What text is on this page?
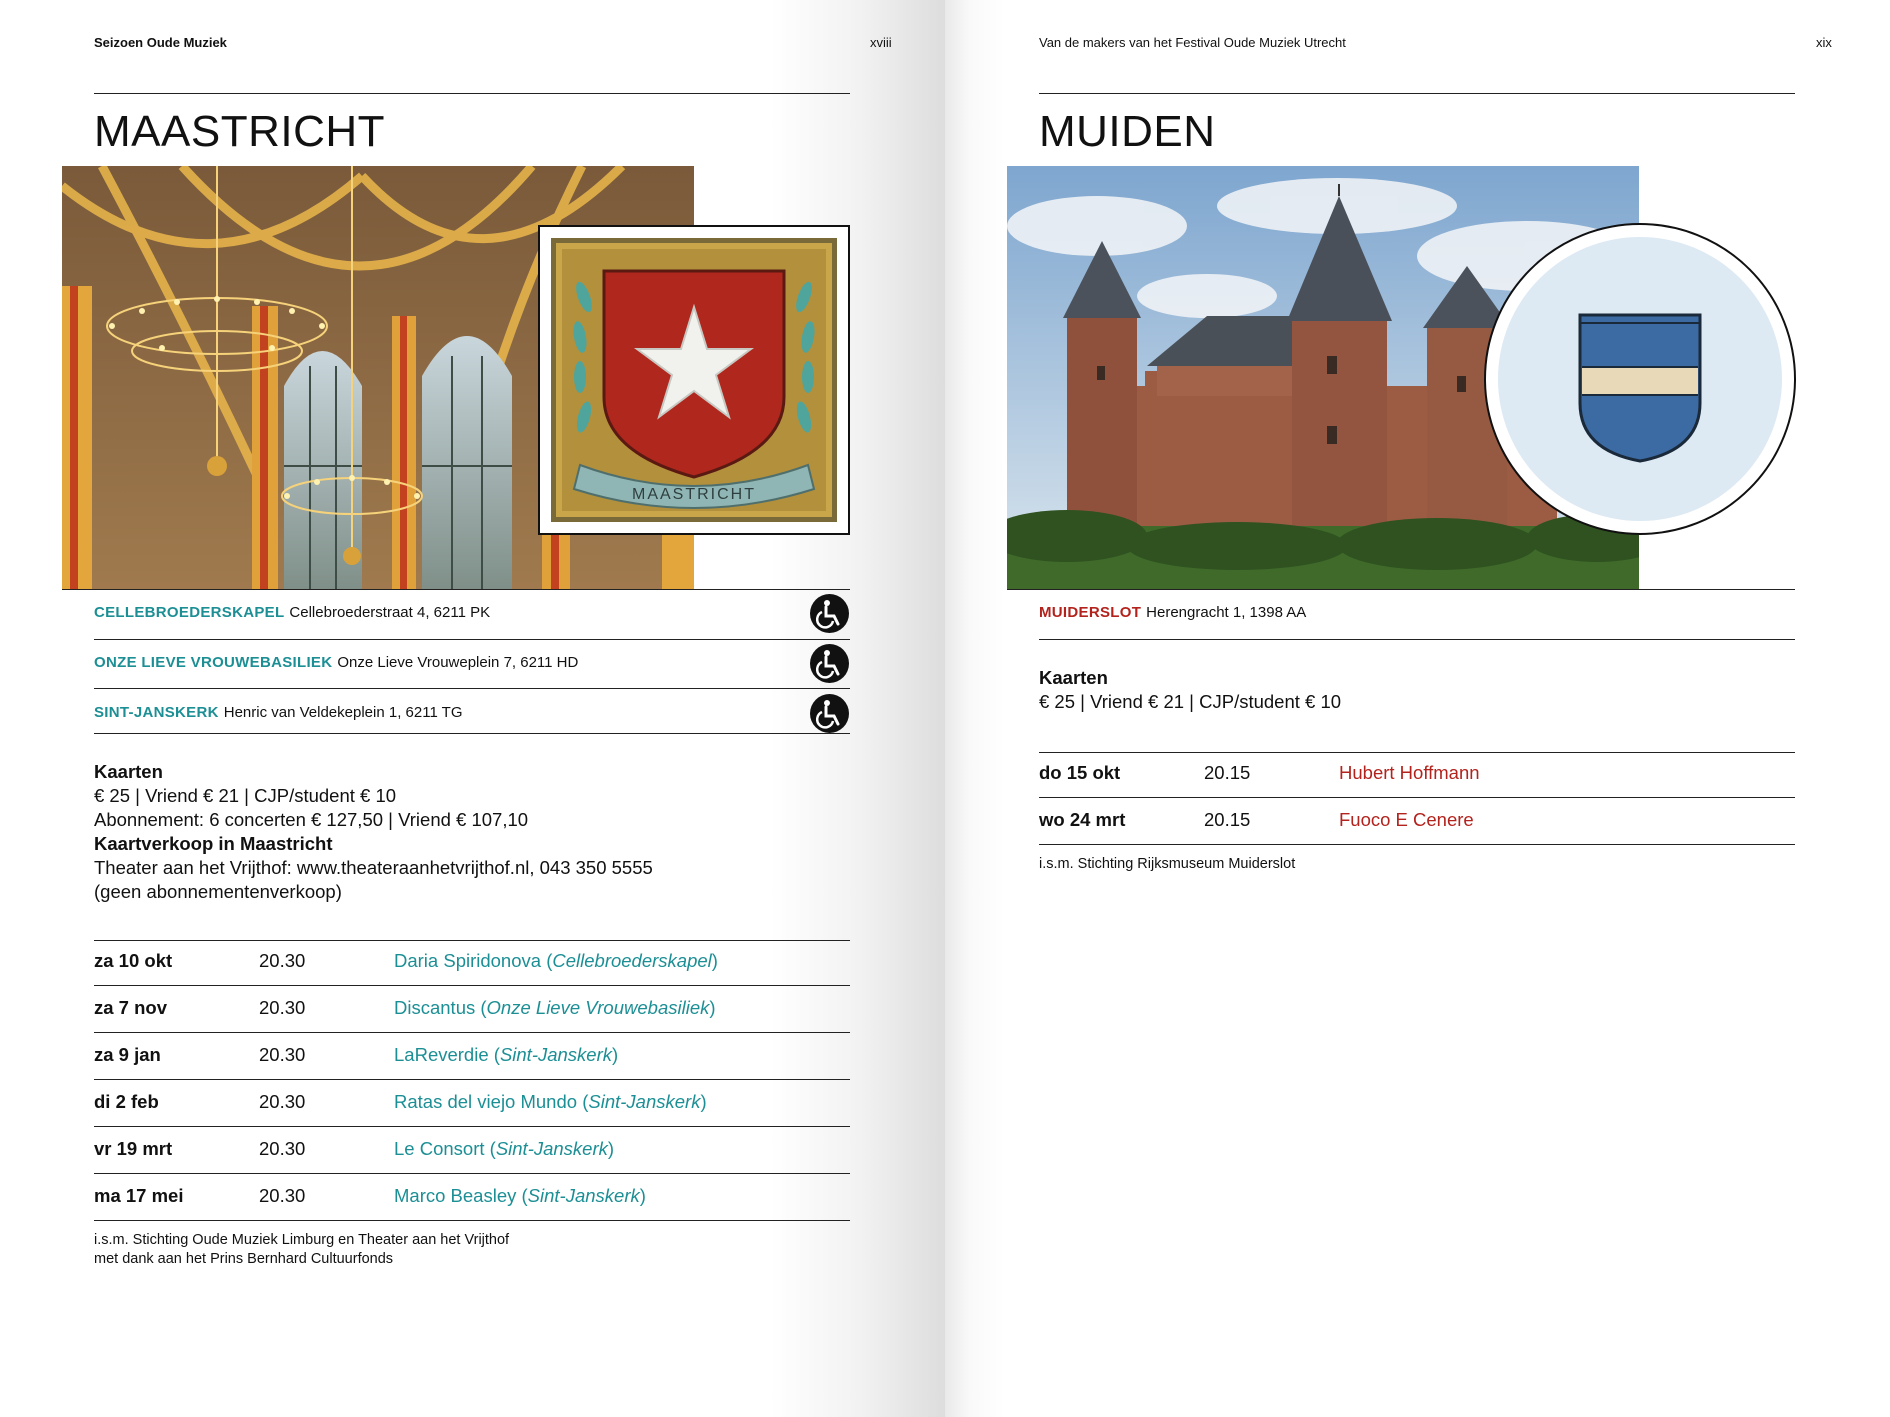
Seizoen Oude Muziek	xviii
MAASTRICHT
MAASTRICHT
CELLEBROEDERSKAPEL Cellebroederstraat 4, 6211 PK
ONZE LIEVE VROUWEBASILIEK Onze Lieve Vrouweplein 7, 6211 HD
SINT-JANSKERK Henric van Veldekeplein 1, 6211 TG
Kaarten
€ 25 | Vriend € 21 | CJP/student € 10
Abonnement: 6 concerten € 127,50 | Vriend € 107,10
Kaartverkoop in Maastricht
Theater aan het Vrijthof: www.theateraanhetvrijthof.nl, 043 350 5555
(geen abonnementenverkoop)
za 10 okt	20.30	Daria Spiridonova (Cellebroederskapel)
za 7 nov	20.30	Discantus (Onze Lieve Vrouwebasiliek)
za 9 jan	20.30	LaReverdie (Sint-Janskerk)
di 2 feb	20.30	Ratas del viejo Mundo (Sint-Janskerk)
vr 19 mrt	20.30	Le Consort (Sint-Janskerk)
ma 17 mei	20.30	Marco Beasley (Sint-Janskerk)
i.s.m. Stichting Oude Muziek Limburg en Theater aan het Vrijthof
met dank aan het Prins Bernhard Cultuurfonds
Van de makers van het Festival Oude Muziek Utrecht	xix
MUIDEN
MUIDERSLOT Herengracht 1, 1398 AA
Kaarten
€ 25 | Vriend € 21 | CJP/student € 10
do 15 okt	20.15	Hubert Hoffmann
wo 24 mrt	20.15	Fuoco E Cenere
i.s.m. Stichting Rijksmuseum Muiderslot
